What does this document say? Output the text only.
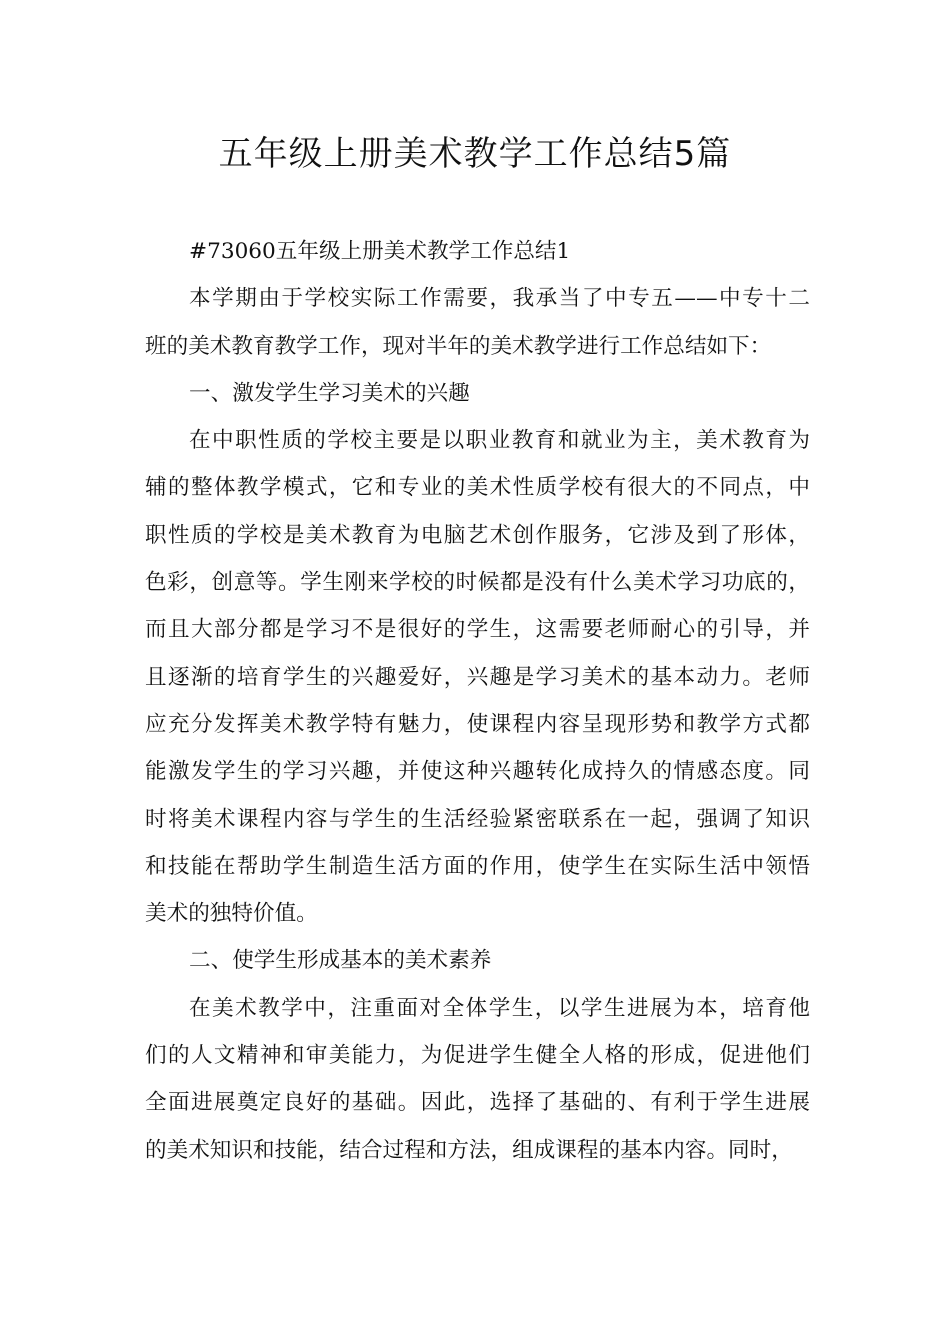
五年级上册美术教学工作总结5篇
#73060五年级上册美术教学工作总结1
本学期由于学校实际工作需要，我承当了中专五——中专十二
班的美术教育教学工作，现对半年的美术教学进行工作总结如下：
一、激发学生学习美术的兴趣
在中职性质的学校主要是以职业教育和就业为主，美术教育为
辅的整体教学模式，它和专业的美术性质学校有很大的不同点，中
职性质的学校是美术教育为电脑艺术创作服务，它涉及到了形体，
色彩，创意等。学生刚来学校的时候都是没有什么美术学习功底的，
而且大部分都是学习不是很好的学生，这需要老师耐心的引导，并
且逐渐的培育学生的兴趣爱好，兴趣是学习美术的基本动力。老师
应充分发挥美术教学特有魅力，使课程内容呈现形势和教学方式都
能激发学生的学习兴趣，并使这种兴趣转化成持久的情感态度。同
时将美术课程内容与学生的生活经验紧密联系在一起，强调了知识
和技能在帮助学生制造生活方面的作用，使学生在实际生活中领悟
美术的独特价值。
二、使学生形成基本的美术素养
在美术教学中，注重面对全体学生，以学生进展为本，培育他
们的人文精神和审美能力，为促进学生健全人格的形成，促进他们
全面进展奠定良好的基础。因此，选择了基础的、有利于学生进展
的美术知识和技能，结合过程和方法，组成课程的基本内容。同时，
